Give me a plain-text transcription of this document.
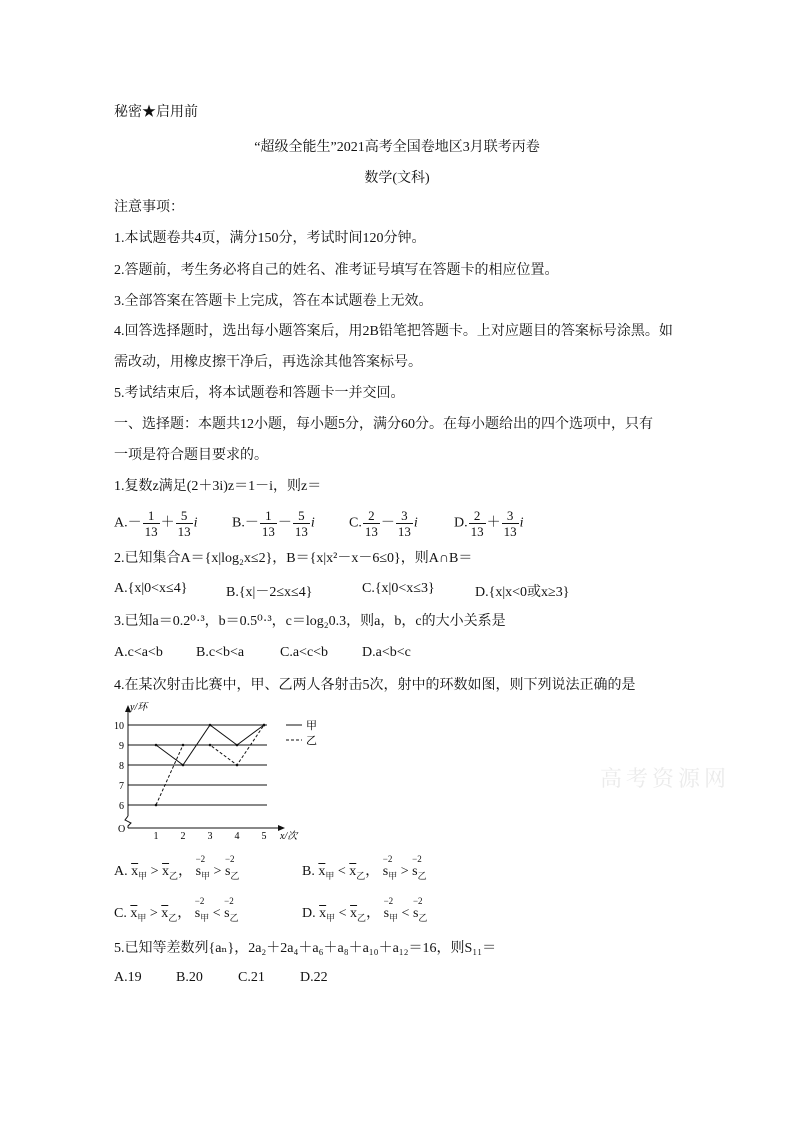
秘密★启用前
“超级全能生”2021高考全国卷地区3月联考丙卷
数学(文科)
注意事项：
1.本试题卷共4页，满分150分，考试时间120分钟。
2.答题前，考生务必将自己的姓名、准考证号填写在答题卡的相应位置。
3.全部答案在答题卡上完成，答在本试题卷上无效。
4.回答选择题时，选出每小题答案后，用2B铅笔把答题卡。上对应题目的答案标号涂黑。如
需改动，用橡皮擦干净后，再选涂其他答案标号。
5.考试结束后，将本试题卷和答题卡一并交回。
一、选择题：本题共12小题，每小题5分，满分60分。在每小题给出的四个选项中，只有
一项是符合题目要求的。
1.复数z满足(2＋3i)z＝1－i，则z＝
$A.- \frac{1}{13} + \frac{5}{13}$ i $B.- \frac{1}{13} - \frac{5}{13}$ i C. $\frac{2}{13} - \frac{3}{13}$ i	D. $\frac{2}{13} + \frac{3}{13}$ i
2.已知集合A＝{x|log₂x≤2}，B＝{x|x²－x－6≤0}，则A∩B＝
A.{x|0<x≤4}	B.{x|－2≤x≤4}	C.{x|0<x≤3}	D.{x|x<0或x≥3}
3.已知a＝0.2⁰·³，b＝0.5⁰·³，c＝log₂0.3，则a，b，c的大小关系是
A.c<a<b B.c<b<a	C.a<c<b D.a<b<c
4.在某次射击比赛中，甲、乙两人各射击5次，射中的环数如图，则下列说法正确的是
6
7
8
9
10
1 2 3 4 5
y/环
x/次
O
甲
乙
A. $\overline{x}_甲 > \overline{x}_乙$，
−2
$s_甲$ >
−2
$s_乙$	B. $\overline{x}_甲 < \overline{x}_乙$，
−2
$s_甲$ >
−2
$s_乙$
C. $\overline{x}_甲 > \overline{x}_乙$，
−2
$s_甲$ <
−2
$s_乙$	D. $\overline{x}_甲 < \overline{x}_乙$，
−2
$s_甲$ <
−2
$s_乙$
5.已知等差数列{aₙ}，2a₂＋2a₄＋a₆＋a₈＋a₁₀＋a₁₂＝16，则S₁₁＝
A.19 B.20	C.21	D.22
高考资源网
